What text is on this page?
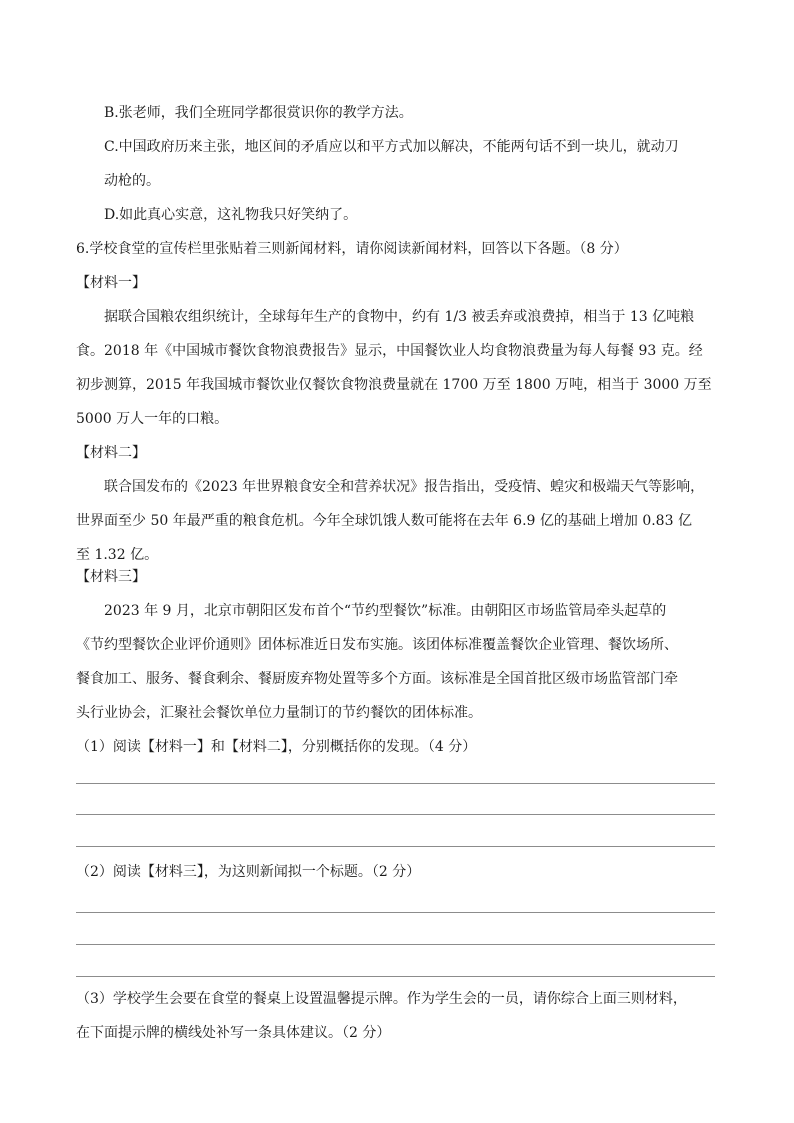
B.张老师，我们全班同学都很赏识你的教学方法。

C.中国政府历来主张，地区间的矛盾应以和平方式加以解决，不能两句话不到一块儿，就动刀

动枪的。

D.如此真心实意，这礼物我只好笑纳了。

6.学校食堂的宣传栏里张贴着三则新闻材料，请你阅读新闻材料，回答以下各题。（8 分）

【材料一】

据联合国粮农组织统计，全球每年生产的食物中，约有 1/3 被丢弃或浪费掉，相当于 13 亿吨粮

食。2018 年《中国城市餐饮食物浪费报告》显示，中国餐饮业人均食物浪费量为每人每餐 93 克。经

初步测算，2015 年我国城市餐饮业仅餐饮食物浪费量就在 1700 万至 1800 万吨，相当于 3000 万至

5000 万人一年的口粮。

【材料二】

联合国发布的《2023 年世界粮食安全和营养状况》报告指出，受疫情、蝗灾和极端天气等影响，

世界面至少 50 年最严重的粮食危机。今年全球饥饿人数可能将在去年 6.9 亿的基础上增加 0.83 亿

至 1.32 亿。

【材料三】

2023 年 9 月，北京市朝阳区发布首个“节约型餐饮”标准。由朝阳区市场监管局牵头起草的

《节约型餐饮企业评价通则》团体标准近日发布实施。该团体标准覆盖餐饮企业管理、餐饮场所、

餐食加工、服务、餐食剩余、餐厨废弃物处置等多个方面。该标准是全国首批区级市场监管部门牵

头行业协会，汇聚社会餐饮单位力量制订的节约餐饮的团体标准。

（1）阅读【材料一】和【材料二】，分别概括你的发现。（4 分）

（2）阅读【材料三】，为这则新闻拟一个标题。（2 分）

（3）学校学生会要在食堂的餐桌上设置温馨提示牌。作为学生会的一员，请你综合上面三则材料，

在下面提示牌的横线处补写一条具体建议。（2 分）
